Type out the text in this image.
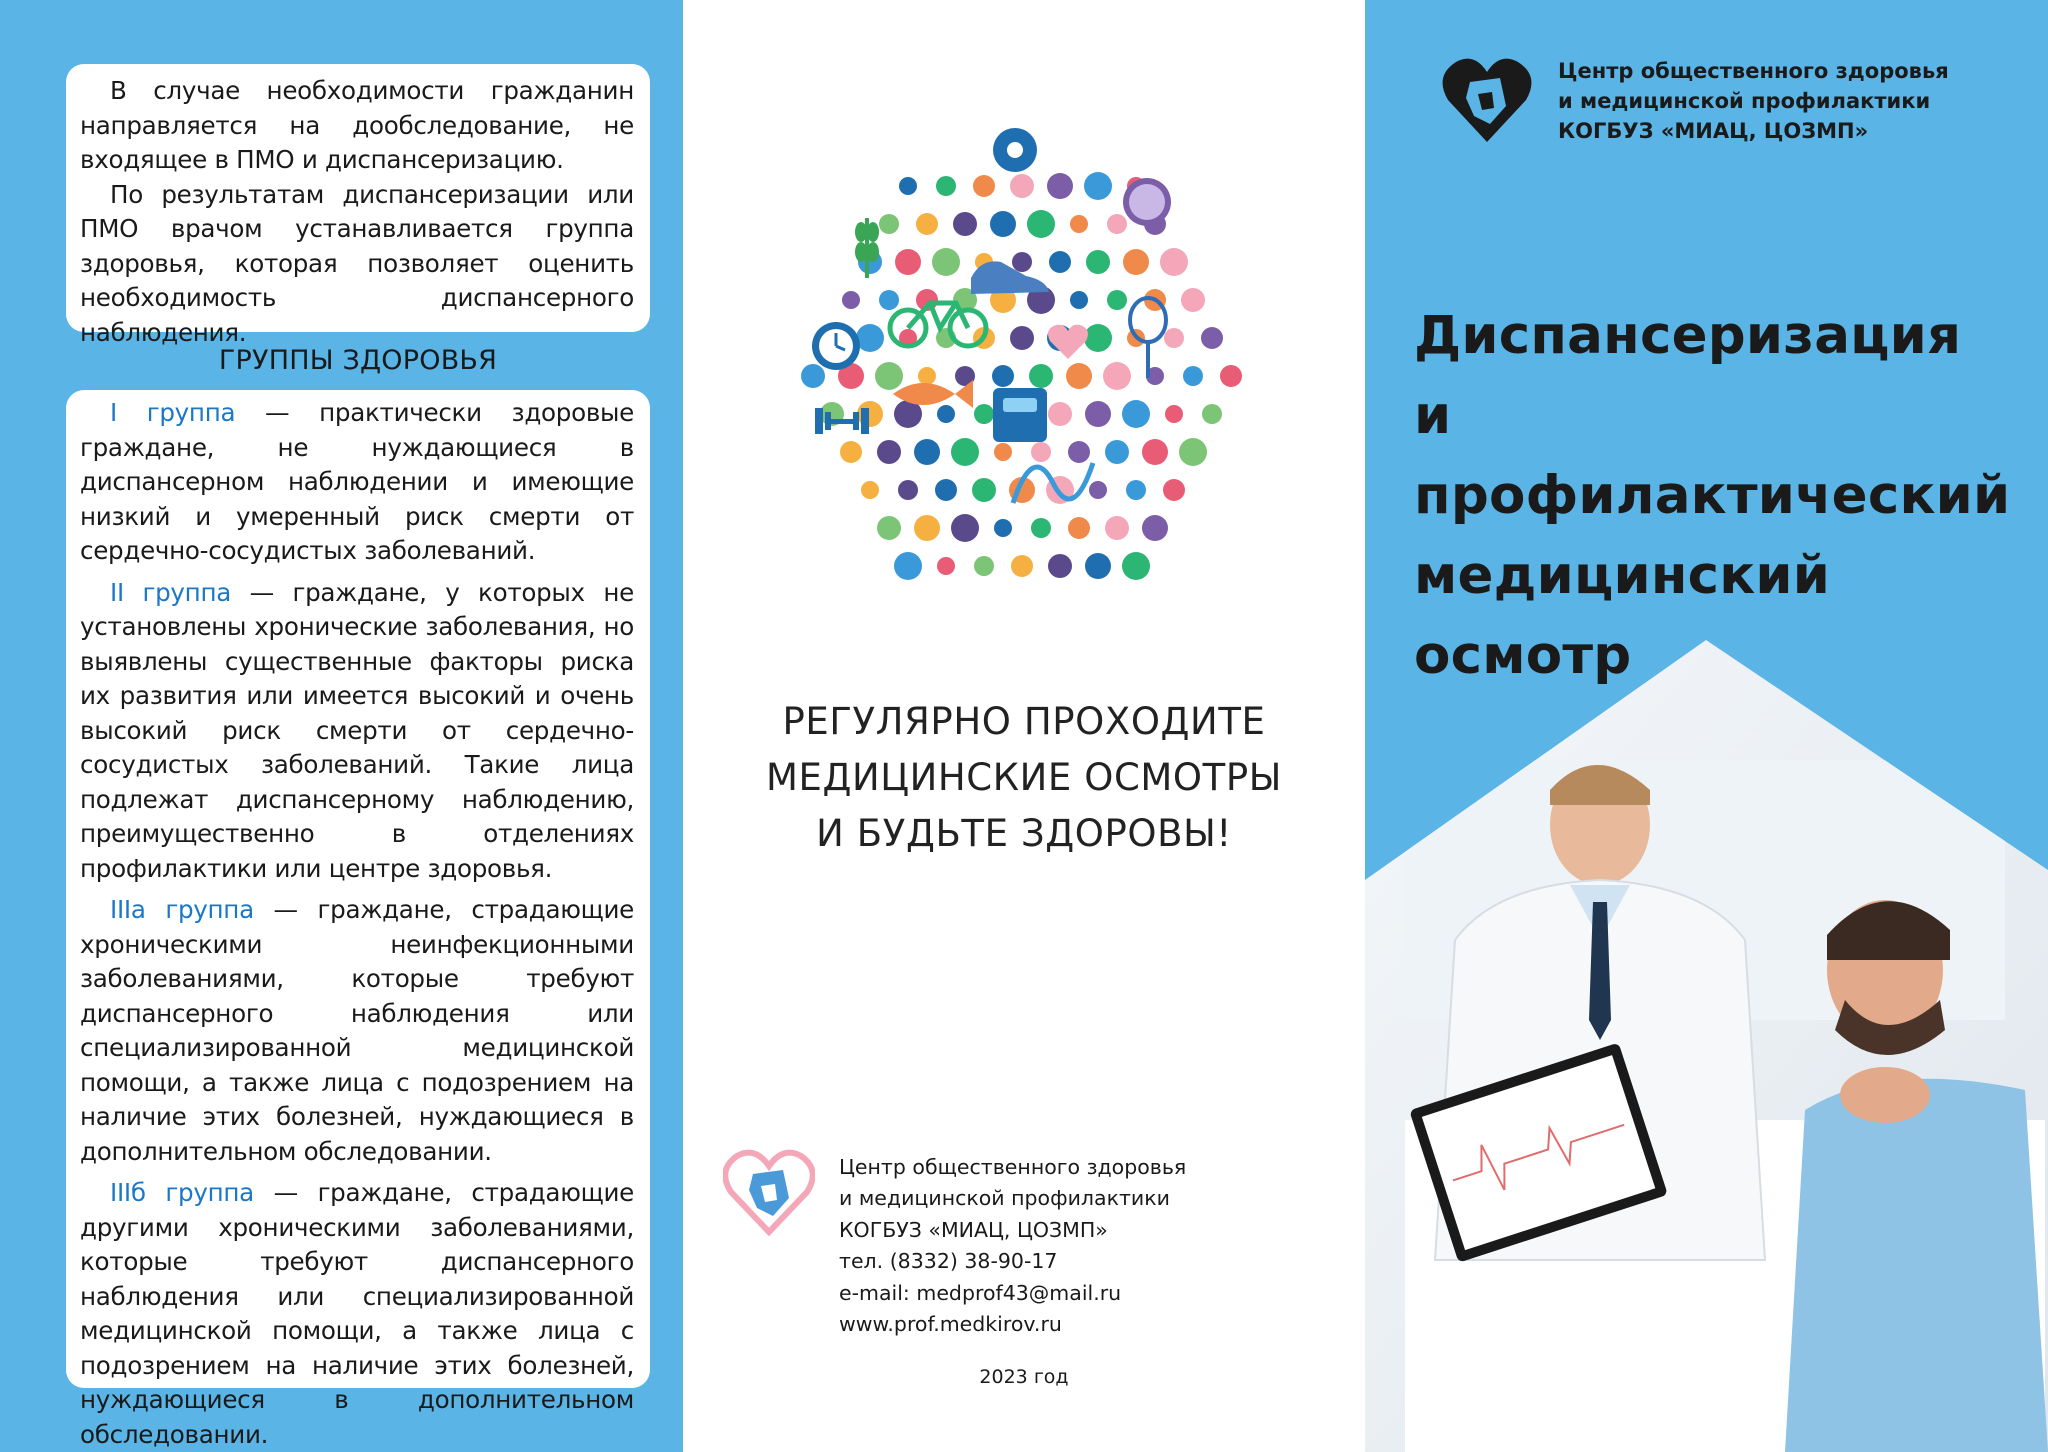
В случае необходимости гражданин направляется на дообследование, не входящее в ПМО и диспансеризацию.

По результатам диспансеризации или ПМО врачом устанавливается группа здоровья, которая позволяет оценить необходимость диспансерного наблюдения.

ГРУППЫ ЗДОРОВЬЯ

I группа — практически здоровые граждане, не нуждающиеся в диспансерном наблюдении и имеющие низкий и умеренный риск смерти от сердечно-сосудистых заболеваний.

II группа — граждане, у которых не установлены хронические заболевания, но выявлены существенные факторы риска их развития или имеется высокий и очень высокий риск смерти от сердечно-сосудистых заболеваний. Такие лица подлежат диспансерному наблюдению, преимущественно в отделениях профилактики или центре здоровья.

IIIа группа — граждане, страдающие хроническими неинфекционными заболеваниями, которые требуют диспансерного наблюдения или специализированной медицинской помощи, а также лица с подозрением на наличие этих болезней, нуждающиеся в дополнительном обследовании.

IIIб группа — граждане, страдающие другими хроническими заболеваниями, которые требуют диспансерного наблюдения или специализированной медицинской помощи, а также лица с подозрением на наличие этих болезней, нуждающиеся в дополнительном обследовании.

РЕГУЛЯРНО ПРОХОДИТЕ
МЕДИЦИНСКИЕ ОСМОТРЫ
И БУДЬТЕ ЗДОРОВЫ!
Центр общественного здоровья
и медицинской профилактики
КОГБУЗ «МИАЦ, ЦОЗМП»
тел. (8332) 38-90-17
e-mail: medprof43@mail.ru
www.prof.medkirov.ru
2023 год
Центр общественного здоровья
и медицинской профилактики
КОГБУЗ «МИАЦ, ЦОЗМП»
Диспансеризация
и профилактический
медицинский осмотр
